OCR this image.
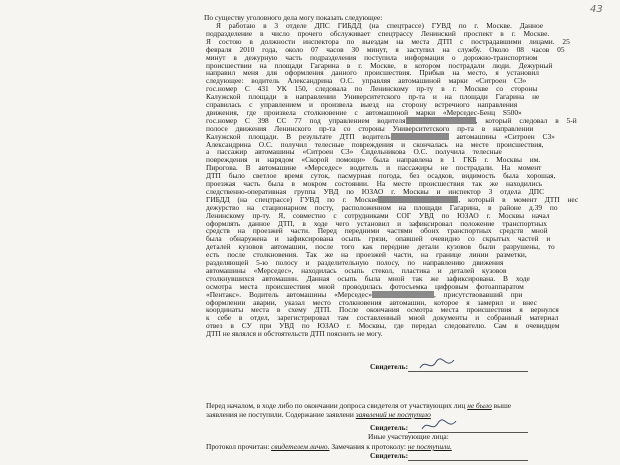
43
По существу уголовного дела могу показать следующее:
Я работаю в 3 отделе ДПС ГИБДД (на спецтрассе) ГУВД по г. Москве. Данное
подразделение в число прочего обслуживает спецтрассу Ленинский проспект в г. Москве.
Я состою в должности инспектора по выездам на места ДТП с пострадавшими лицами. 25
февраля 2010 года, около 07 часов 30 минут, я заступил на службу. Около 08 часов 05
минут в дежурную часть подразделения поступила информация о дорожно-транспортном
происшествии на площади Гагарина в г. Москве, в котором пострадали люди. Дежурный
направил меня для оформления данного происшествия. Прибыв на место, я установил
следующее: водитель Александрина О.С. управляя автомашиной марки «Ситроен С3»
гос.номер С 431 УК 150, следовала по Ленинскому пр-ту в г. Москве со стороны
Калужской площади в направлении Университетского пр-та и на площади Гагарина не
справилась с управлением и произвела выезд на сторону встречного направления
движения, где произвела столкновение с автомашиной марки «Мерседес-Бенц S500»
гос.номер С 398 СС 77 под управлением водителя	, который следовал в 5-й
полосе движения Ленинского пр-та со стороны Университетского пр-та в направлении
Калужской площади. В результате ДТП водитель	автомашины «Ситроен С3»
Александрина О.С. получил телесные повреждения и скончалась на месте происшествия,
а пассажир автомашины «Ситроен С3» Сидельникова О.С. получила телесные
повреждения и нарядом «Скорой помощи» была направлена в 1 ГКБ г. Москвы им.
Пирогова. В автомашине «Мерседес» водитель и пассажиры не пострадали. На момент
ДТП было светлое время суток, пасмурная погода, без осадков, видимость была хорошая,
проезжая часть была в мокром состоянии. На месте происшествия так же находились
следственно-оперативная группа УВД по ЮЗАО г. Москвы и инспектор 3 отдела ДПС
ГИБДД (на спецтрассе) ГУВД по г. Москве	, который в момент ДТП нес
дежурство на стационарном посту, расположенном на площади Гагарина, в районе д.39 по
Ленинскому пр-ту. Я, совместно с сотрудниками СОГ УВД по ЮЗАО г. Москвы начал
оформлять данное ДТП, в ходе чего установил и зафиксировал положение транспортных
средств на проезжей части. Перед передними частями обоих транспортных средств мной
была обнаружена и зафиксирована осыпь грязи, опавшей очевидно со скрытых частей и
деталей кузовов автомашин, после того как передние детали кузовов были разрушены, то
есть после столкновения. Так же на проезжей части, на границе линии разметки,
разделяющей 5-ю полосу и разделительную полосу, по направлению движения
автомашины «Мерседес», находилась осыпь стекол, пластика и деталей кузовов
столкнувшихся автомашин. Данная осыпь была мной так же зафиксирована. В ходе
осмотра места происшествия мной проводилась фотосъемка цифровым фотоаппаратом
«Пентакс». Водитель автомашины «Мерседес»	, присутствовавший при
оформлении аварии, указал место столкновения автомашин, которое я замерил и внес
координаты места в схему ДТП. После окончания осмотра места происшествия я вернулся
к себе в отдел, зарегистрировал там составленный мной документы и собранный материал
отвез в СУ при УВД по ЮЗАО г. Москвы, где передал следователю. Сам я очевидцем
ДТП не являлся и обстоятельств ДТП пояснить не могу.
Свидетель:
Перед началом, в ходе либо по окончании допроса свидетеля от участвующих лиц не было выше
заявления не поступили. Содержание заявлени заявлений не поступило
Свидетель:
Иные участвующие лица:
Протокол прочитан: свидетелем лично. Замечания к протоколу: не поступили.
Свидетель:
